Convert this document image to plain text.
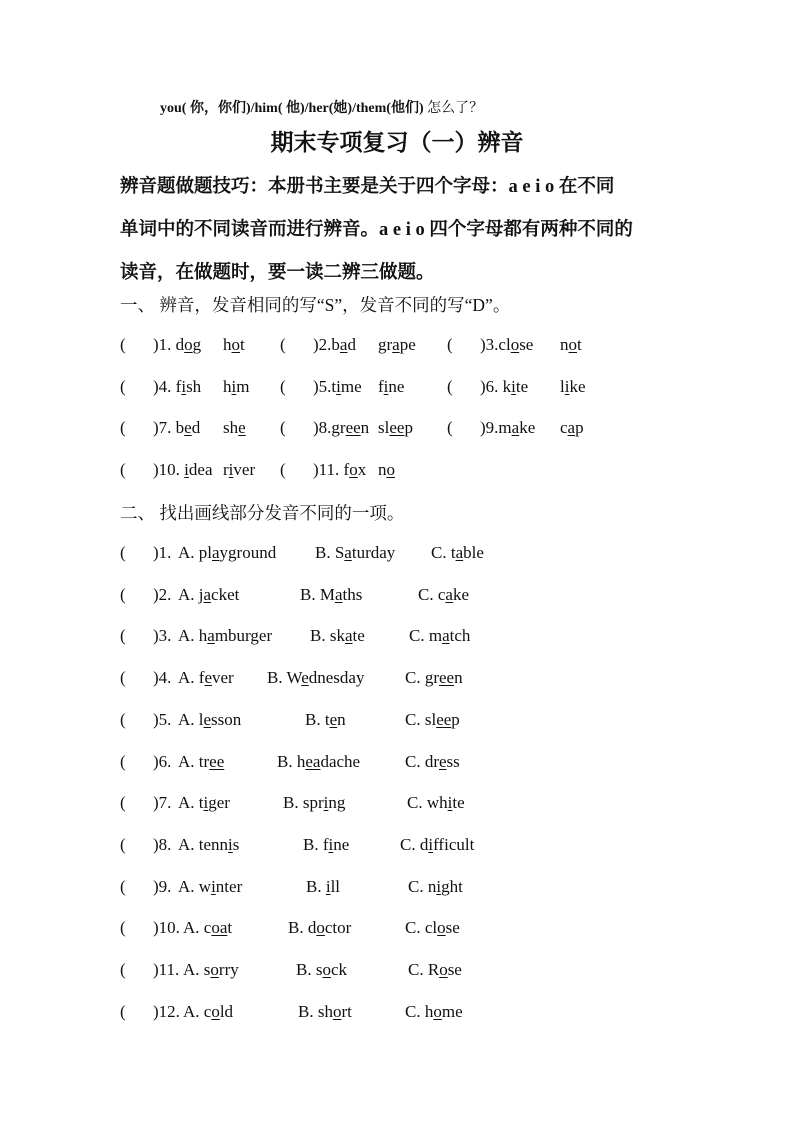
you( 你，你们)/him( 他)/her(她)/them(他们) 怎么了？
期末专项复习（一）辨音
辨音题做题技巧：本册书主要是关于四个字母：a e i o 在不同
单词中的不同读音而进行辨音。a e i o 四个字母都有两种不同的
读音，在做题时，要一读二辨三做题。
一、 辨音，发音相同的写“S”，发音不同的写“D”。
( )1. dog hot ( )2.bad grape ( )3.close not
( )4. fish him ( )5.time fine	( )6. kite like
( )7. bed she ( )8.green sleep ( )9.make cap
( )10. idea river ( )11. fox no
二、 找出画线部分发音不同的一项。
( )1. A. playground B. Saturday C. table
( )2. A. jacket	B. Maths	C. cake
( )3. A. hamburger B. skate	C. match
( )4. A. fever B. Wednesday C. green
( )5. A. lesson	B. ten	C. sleep
( )6. A. tree	B. headache	C. dress
( )7. A. tiger	B. spring	C. white
( )8. A. tennis	B. fine	C. difficult
( )9. A. winter	B. ill	C. night
( )10. A. coat	B. doctor	C. close
( )11. A. sorry	B. sock	C. Rose
( )12. A. cold	B. short	C. home
